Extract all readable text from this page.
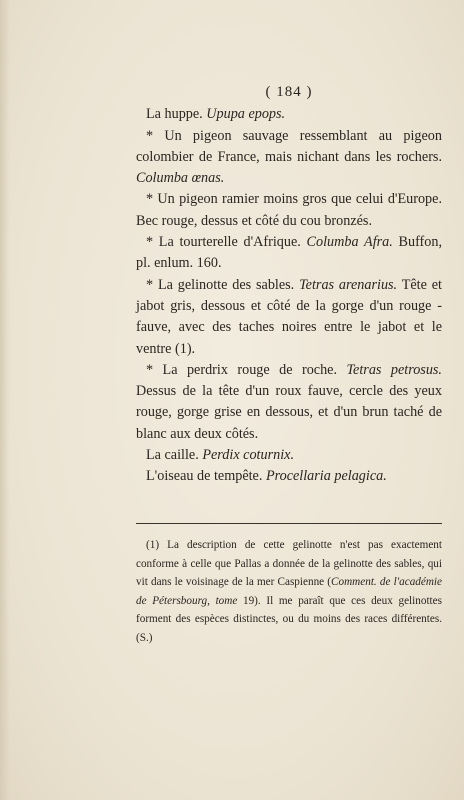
( 184 )

La huppe. Upupa epops.

* Un pigeon sauvage ressemblant au pigeon colombier de France, mais nichant dans les rochers. Columba œnas.

* Un pigeon ramier moins gros que celui d'Europe. Bec rouge, dessus et côté du cou bronzés.

* La tourterelle d'Afrique. Columba Afra. Buffon, pl. enlum. 160.

* La gelinotte des sables. Tetras arenarius. Tête et jabot gris, dessous et côté de la gorge d'un rouge - fauve, avec des taches noires entre le jabot et le ventre (1).

* La perdrix rouge de roche. Tetras petrosus. Dessus de la tête d'un roux fauve, cercle des yeux rouge, gorge grise en dessous, et d'un brun taché de blanc aux deux côtés.

La caille. Perdix coturnix.

L'oiseau de tempête. Procellaria pelagica.

(1) La description de cette gelinotte n'est pas exactement conforme à celle que Pallas a donnée de la gelinotte des sables, qui vit dans le voisinage de la mer Caspienne (Comment. de l'académie de Pétersbourg, tome 19). Il me paraît que ces deux gelinottes forment des espèces distinctes, ou du moins des races différentes. (S.)
